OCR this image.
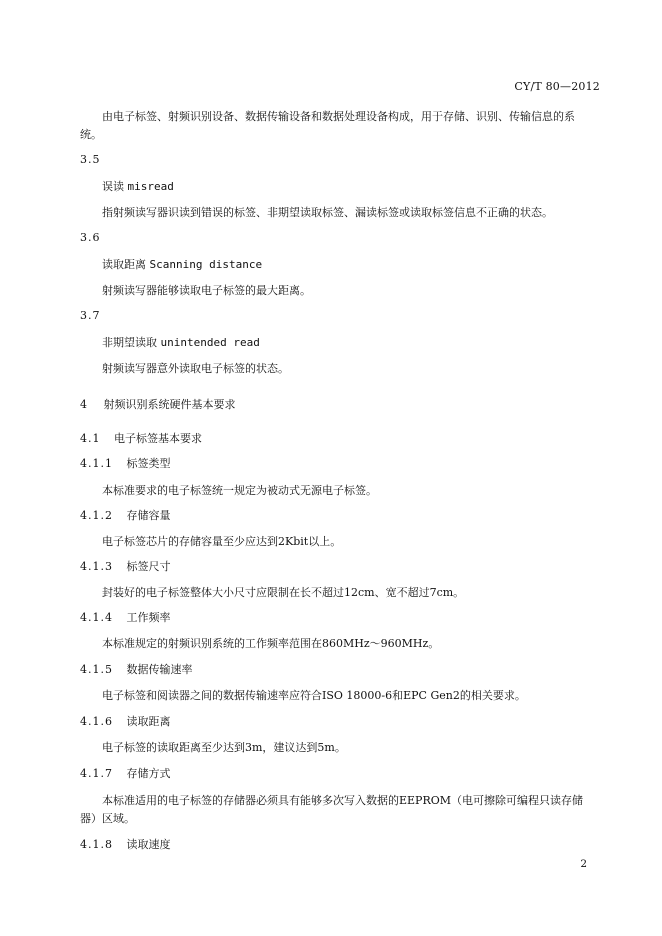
CY/T 80—2012
由电子标签、射频识别设备、数据传输设备和数据处理设备构成，用于存储、识别、传输信息的系
统。
3.5
误读 misread
指射频读写器识读到错误的标签、非期望读取标签、漏读标签或读取标签信息不正确的状态。
3.6
读取距离 Scanning distance
射频读写器能够读取电子标签的最大距离。
3.7
非期望读取 unintended read
射频读写器意外读取电子标签的状态。
4 射频识别系统硬件基本要求
4.1 电子标签基本要求
4.1.1 标签类型
本标准要求的电子标签统一规定为被动式无源电子标签。
4.1.2 存储容量
电子标签芯片的存储容量至少应达到2Kbit以上。
4.1.3 标签尺寸
封装好的电子标签整体大小尺寸应限制在长不超过12cm、宽不超过7cm。
4.1.4 工作频率
本标准规定的射频识别系统的工作频率范围在860MHz～960MHz。
4.1.5 数据传输速率
电子标签和阅读器之间的数据传输速率应符合ISO 18000-6和EPC Gen2的相关要求。
4.1.6 读取距离
电子标签的读取距离至少达到3m，建议达到5m。
4.1.7 存储方式
本标准适用的电子标签的存储器必须具有能够多次写入数据的EEPROM（电可擦除可编程只读存储
器）区域。
4.1.8 读取速度
2
